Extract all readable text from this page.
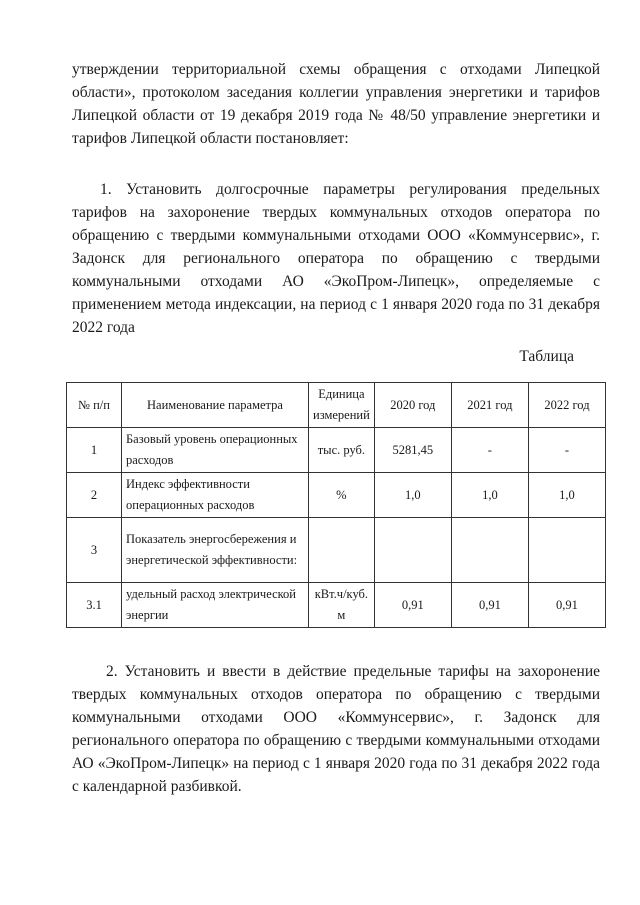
утверждении территориальной схемы обращения с отходами Липецкой области», протоколом заседания коллегии управления энергетики и тарифов Липецкой области от 19 декабря 2019 года № 48/50 управление энергетики и тарифов Липецкой области постановляет:

1. Установить долгосрочные параметры регулирования предельных тарифов на захоронение твердых коммунальных отходов оператора по обращению с твердыми коммунальными отходами ООО «Коммунсервис», г. Задонск для регионального оператора по обращению с твердыми коммунальными отходами АО «ЭкоПром-Липецк», определяемые с применением метода индексации, на период с 1 января 2020 года по 31 декабря 2022 года

Таблица

№ п/п	Наименование параметра	Единица измерений	2020 год	2021 год	2022 год
1	Базовый уровень операционных расходов	тыс. руб.	5281,45	-	-
2	Индекс эффективности операционных расходов	%	1,0	1,0	1,0
3	Показатель энергосбережения и энергетической эффективности:				
3.1	удельный расход электрической энергии	кВт.ч/куб. м	0,91	0,91	0,91

2. Установить и ввести в действие предельные тарифы на захоронение твердых коммунальных отходов оператора по обращению с твердыми коммунальными отходами ООО «Коммунсервис», г. Задонск для регионального оператора по обращению с твердыми коммунальными отходами АО «ЭкоПром-Липецк» на период с 1 января 2020 года по 31 декабря 2022 года с календарной разбивкой.
